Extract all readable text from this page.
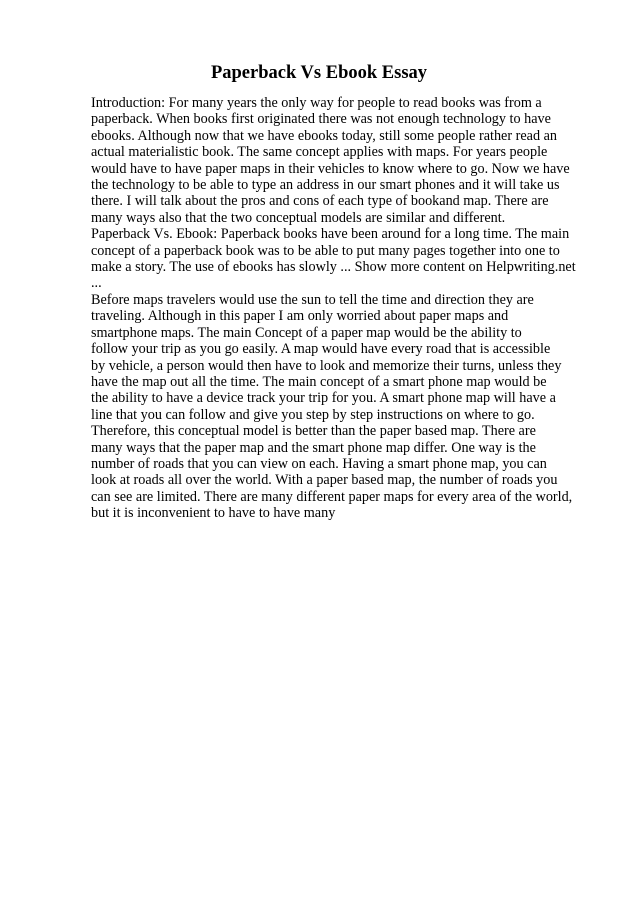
Paperback Vs Ebook Essay
Introduction: For many years the only way for people to read books was from a
paperback. When books first originated there was not enough technology to have
ebooks. Although now that we have ebooks today, still some people rather read an
actual materialistic book. The same concept applies with maps. For years people
would have to have paper maps in their vehicles to know where to go. Now we have
the technology to be able to type an address in our smart phones and it will take us
there. I will talk about the pros and cons of each type of bookand map. There are
many ways also that the two conceptual models are similar and different.
Paperback Vs. Ebook: Paperback books have been around for a long time. The main
concept of a paperback book was to be able to put many pages together into one to
make a story. The use of ebooks has slowly ... Show more content on Helpwriting.net
...
Before maps travelers would use the sun to tell the time and direction they are
traveling. Although in this paper I am only worried about paper maps and
smartphone maps. The main Concept of a paper map would be the ability to
follow your trip as you go easily. A map would have every road that is accessible
by vehicle, a person would then have to look and memorize their turns, unless they
have the map out all the time. The main concept of a smart phone map would be
the ability to have a device track your trip for you. A smart phone map will have a
line that you can follow and give you step by step instructions on where to go.
Therefore, this conceptual model is better than the paper based map. There are
many ways that the paper map and the smart phone map differ. One way is the
number of roads that you can view on each. Having a smart phone map, you can
look at roads all over the world. With a paper based map, the number of roads you
can see are limited. There are many different paper maps for every area of the world,
but it is inconvenient to have to have many
